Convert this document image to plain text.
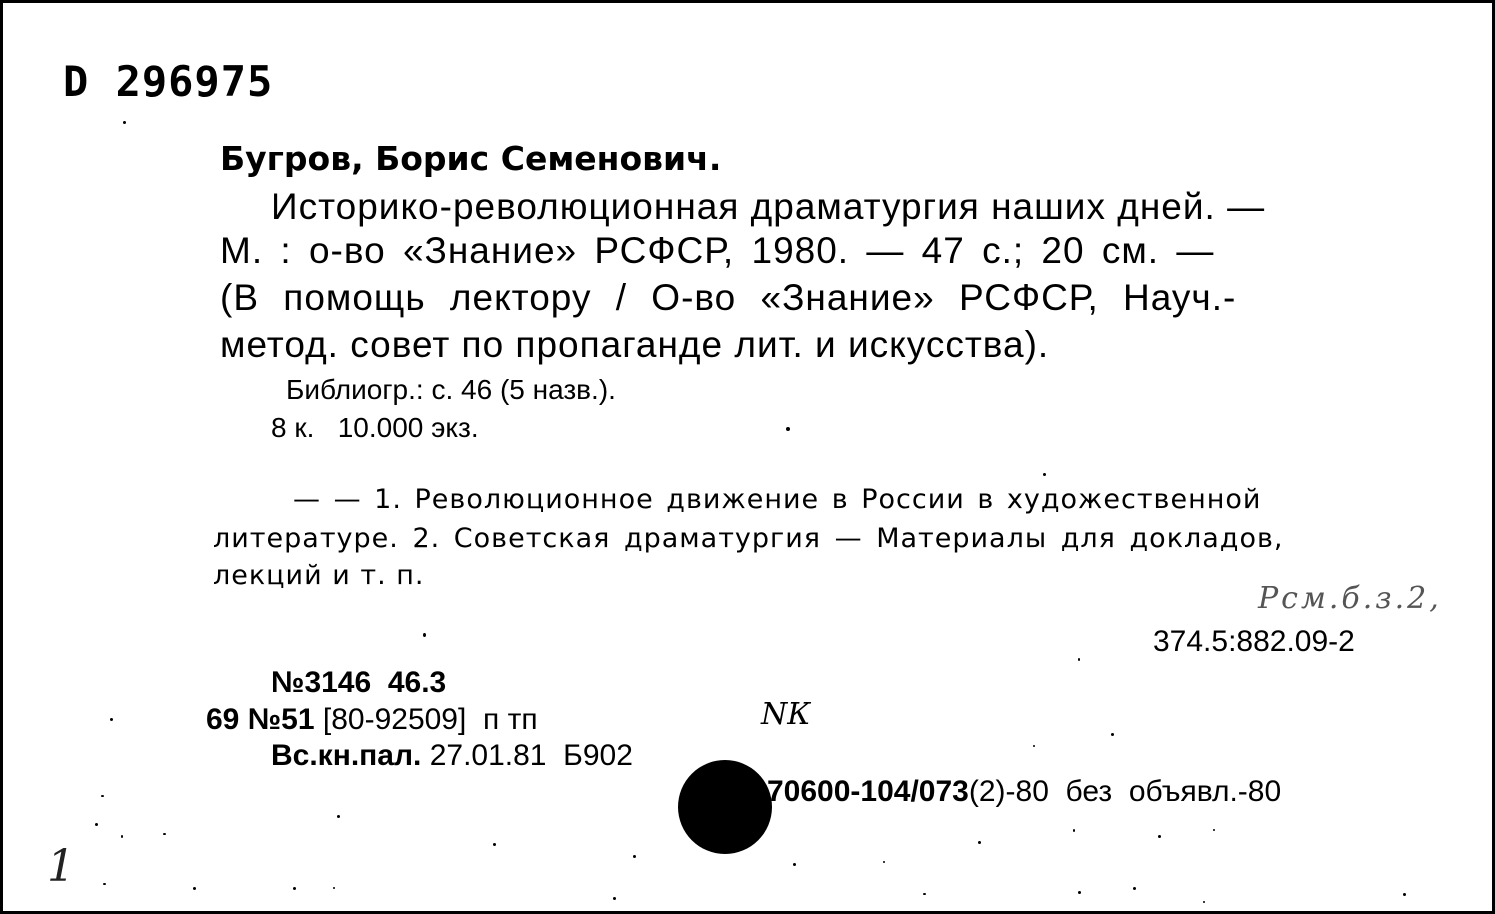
D 296975
Бугров, Борис Семенович.
Историко-революционная драматургия наших дней. —
М. : о-во «Знание» РСФСР, 1980. — 47 с.; 20 см. —
(В помощь лектору / О-во «Знание» РСФСР, Науч.-
метод. совет по пропаганде лит. и искусства).
Библиогр.: с. 46 (5 назв.).
8 к.   10.000 экз.
— — 1. Революционное движение в России в художественной
литературе. 2. Советская драматургия — Материалы для докладов,
лекций и т. п.
Рсм.б.з.2,
374.5:882.09-2
№3146  46.3
69 №51 [80-92509]  п тп
Вс.кн.пал. 27.01.81  Б902
NК
70600-104/073(2)-80  без  объявл.-80
1
